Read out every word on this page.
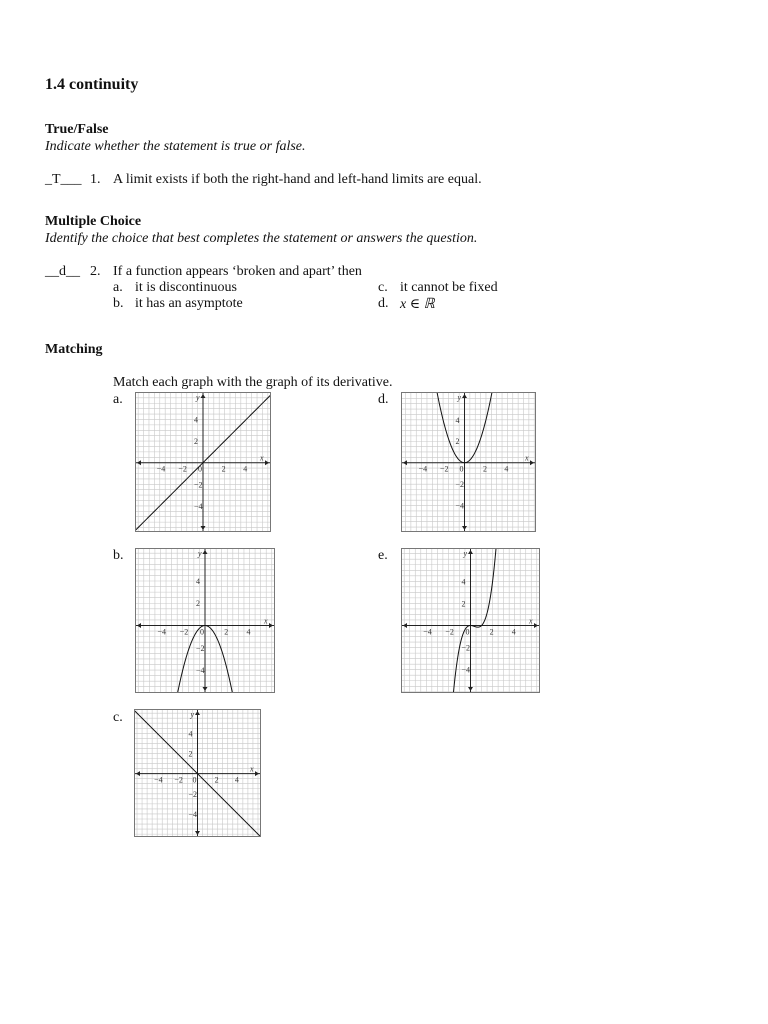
1.4 continuity
True/False
Indicate whether the statement is true or false.
_T___ 1. A limit exists if both the right-hand and left-hand limits are equal.
Multiple Choice
Identify the choice that best completes the statement or answers the question.
__d__ 2. If a function appears ‘broken and apart’ then
a. it is discontinuous
b. it has an asymptote
c. it cannot be fixed
d. x ∈ ℝ
Matching
Match each graph with the graph of its derivative.
a.
b.
c.
d.
e.
−4 −2 0 2 4
4
2
−2
−4
x
y
−4 −2 0	2 4
4
2
−2
−4
x
y
−4 −2 0 2 4
4
2
−2
−4
x
y
−4 −2 0 2 4
4
2
−2
−4
x
y
−4 −2 0	2 4
4
2
−2
−4
x
y
